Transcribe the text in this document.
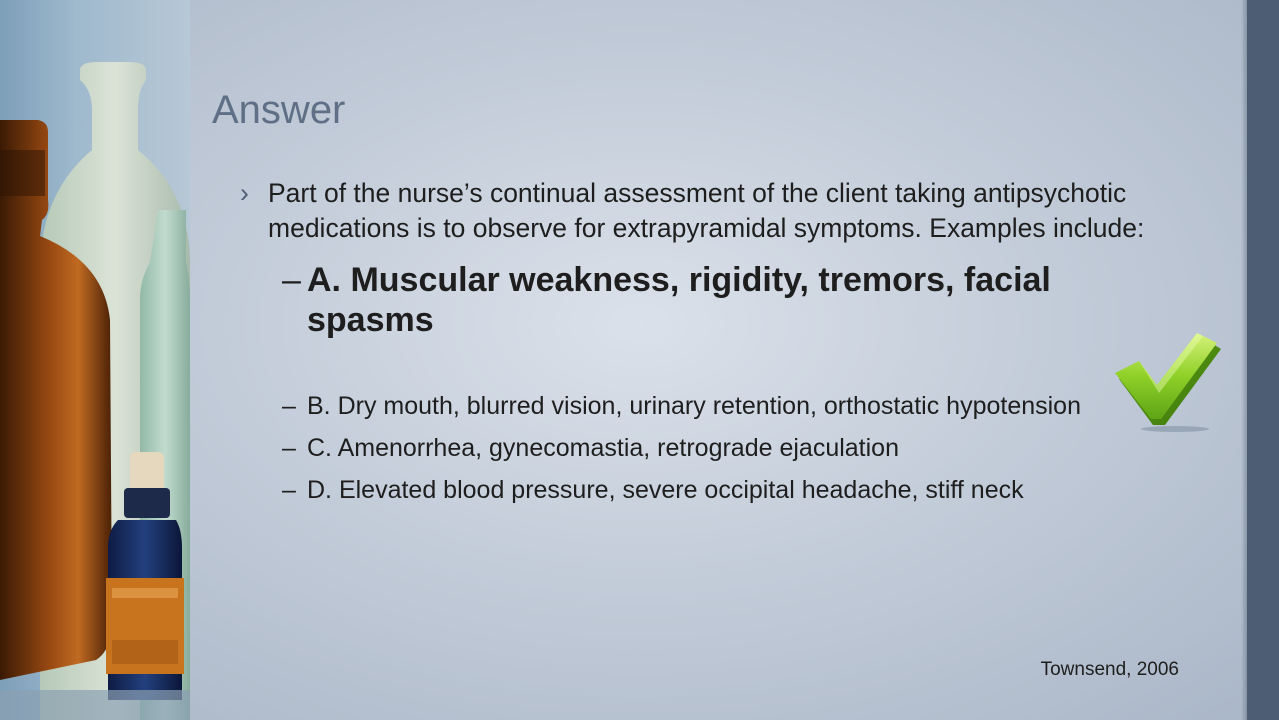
Answer
› Part of the nurse’s continual assessment of the client taking antipsychotic medications is to observe for extrapyramidal symptoms. Examples include:
– A. Muscular weakness, rigidity, tremors, facial spasms
– B. Dry mouth, blurred vision, urinary retention, orthostatic hypotension
– C. Amenorrhea, gynecomastia, retrograde ejaculation
– D. Elevated blood pressure, severe occipital headache, stiff neck
Townsend, 2006
